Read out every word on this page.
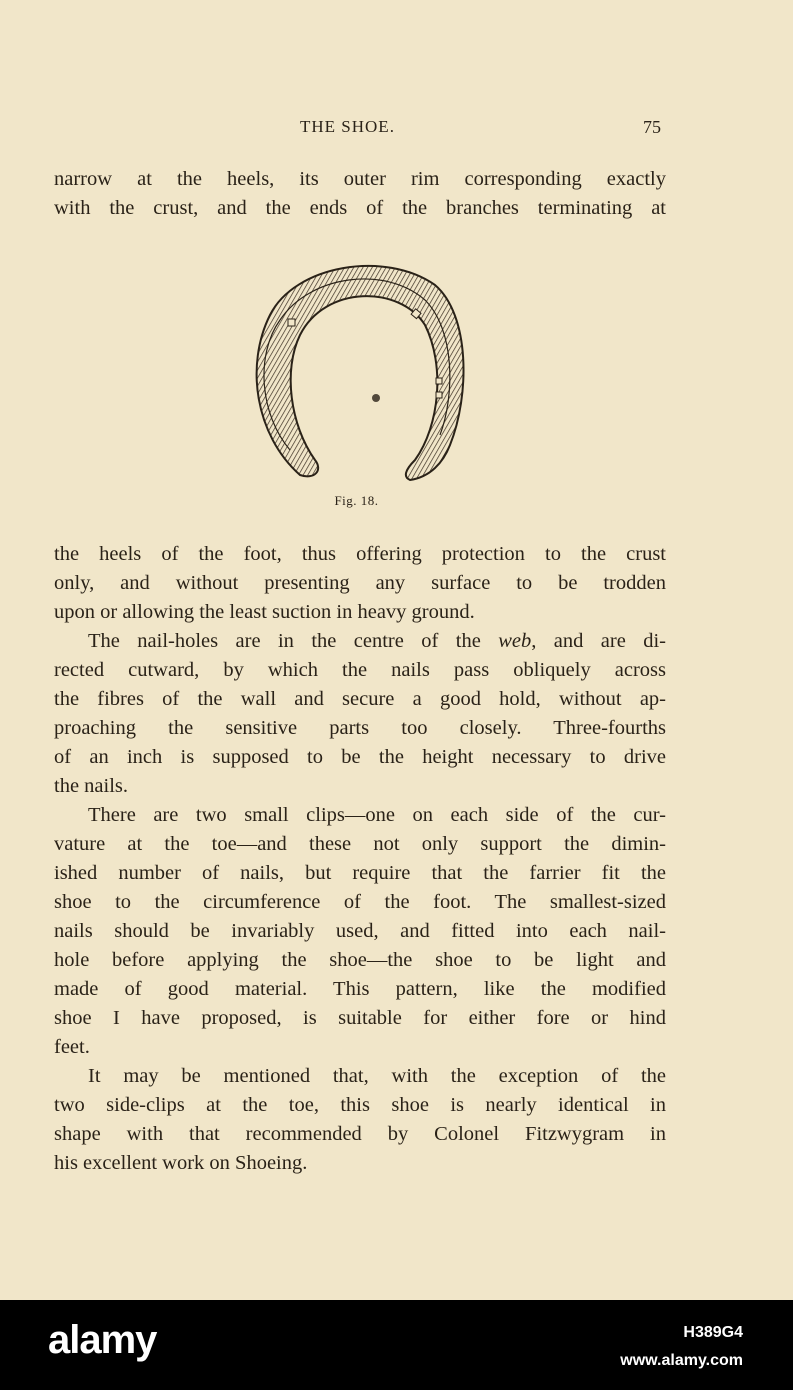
THE SHOE.	75
narrow at the heels, its outer rim corresponding exactly
with the crust, and the ends of the branches terminating at
Fig. 18.
the heels of the foot, thus offering protection to the crust
only, and without presenting any surface to be trodden
upon or allowing the least suction in heavy ground.
The nail-holes are in the centre of the web, and are di-
rected cutward, by which the nails pass obliquely across
the fibres of the wall and secure a good hold, without ap-
proaching the sensitive parts too closely. Three-fourths
of an inch is supposed to be the height necessary to drive
the nails.
There are two small clips—one on each side of the cur-
vature at the toe—and these not only support the dimin-
ished number of nails, but require that the farrier fit the
shoe to the circumference of the foot. The smallest-sized
nails should be invariably used, and fitted into each nail-
hole before applying the shoe—the shoe to be light and
made of good material. This pattern, like the modified
shoe I have proposed, is suitable for either fore or hind
feet.
It may be mentioned that, with the exception of the
two side-clips at the toe, this shoe is nearly identical in
shape with that recommended by Colonel Fitzwygram in
his excellent work on Shoeing.
alamy	H389G4
www.alamy.com
